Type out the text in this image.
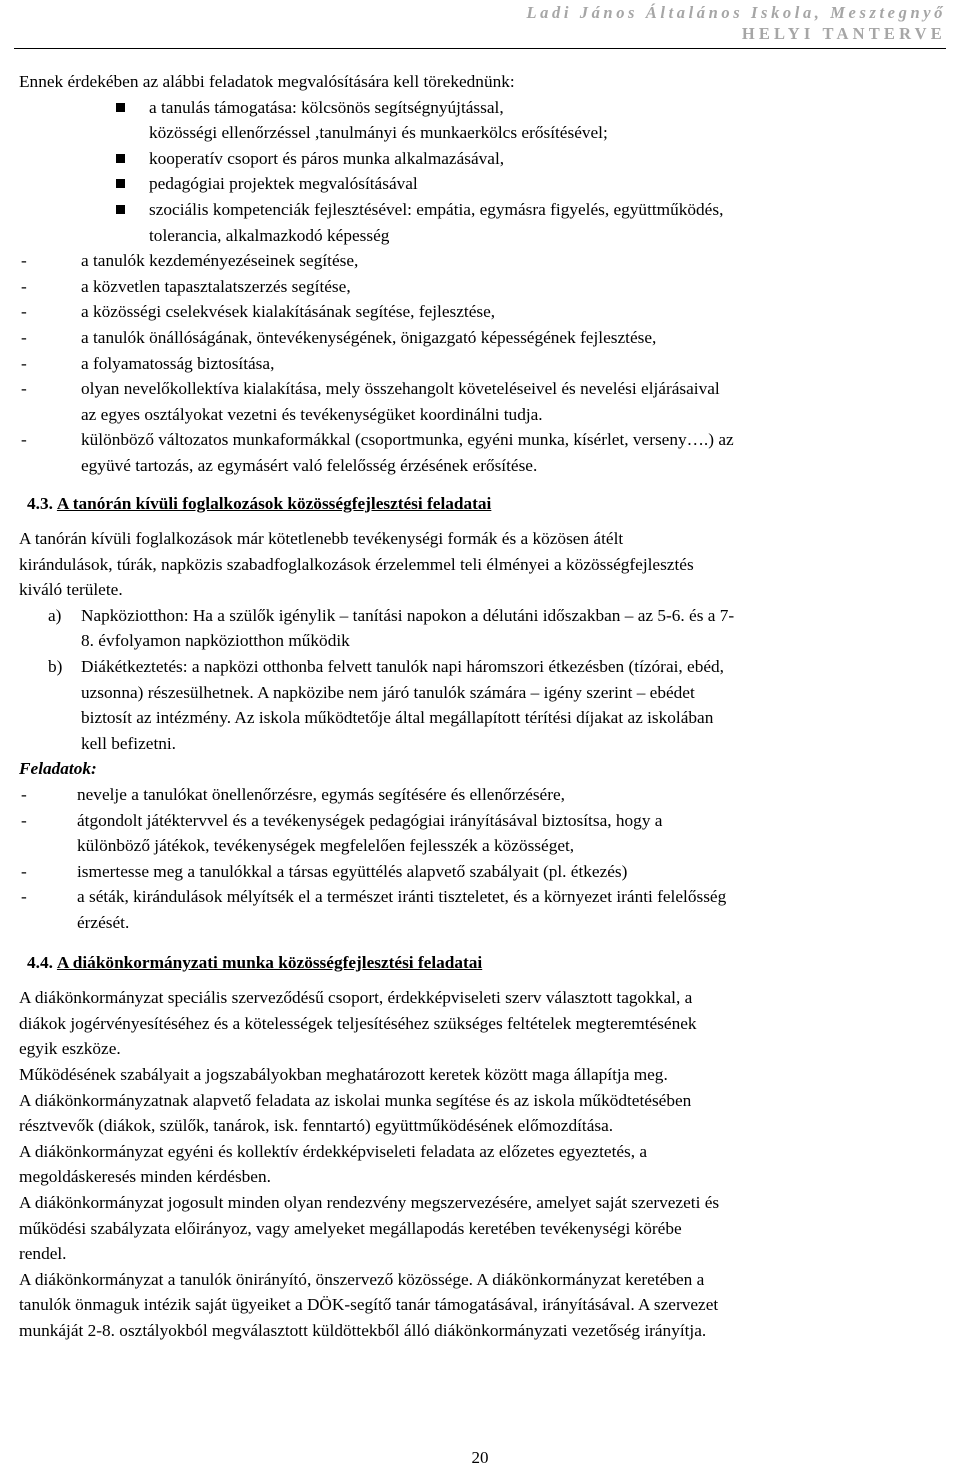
Ladi János Általános Iskola, Mesztegnyő
HELYI TANTERVE

Ennek érdekében az alábbi feladatok megvalósítására kell törekednünk:

a tanulás támogatása: kölcsönös segítségnyújtással,
közösségi ellenőrzéssel ,tanulmányi és munkaerkölcs erősítésével;
kooperatív csoport és páros munka alkalmazásával,
pedagógiai projektek megvalósításával
szociális kompetenciák fejlesztésével: empátia, egymásra figyelés, együttműködés,
tolerancia, alkalmazkodó képesség
-	a tanulók kezdeményezéseinek segítése,
-	a közvetlen tapasztalatszerzés segítése,
-	a közösségi cselekvések kialakításának segítése, fejlesztése,
-	a tanulók önállóságának, öntevékenységének, önigazgató képességének fejlesztése,
-	a folyamatosság biztosítása,
-	olyan nevelőkollektíva kialakítása, mely összehangolt követeléseivel és nevelési eljárásaival
az egyes osztályokat vezetni és tevékenységüket koordinálni tudja.
-	különböző változatos munkaformákkal (csoportmunka, egyéni munka, kísérlet, verseny….) az
együvé tartozás, az egymásért való felelősség érzésének erősítése.
4.3. A tanórán kívüli foglalkozások közösségfejlesztési feladatai
A tanórán kívüli foglalkozások már kötetlenebb tevékenységi formák és a közösen átélt
kirándulások, túrák, napközis szabadfoglalkozások érzelemmel teli élményei a közösségfejlesztés
kiváló területe.
a) Napköziotthon: Ha a szülők igénylik – tanítási napokon a délutáni időszakban – az 5-6. és a 7-
8. évfolyamon napköziotthon működik
b) Diákétkeztetés: a napközi otthonba felvett tanulók napi háromszori étkezésben (tízórai, ebéd,
uzsonna) részesülhetnek. A napközibe nem járó tanulók számára – igény szerint – ebédet
biztosít az intézmény. Az iskola működtetője által megállapított térítési díjakat az iskolában
kell befizetni.
Feladatok:
-	nevelje a tanulókat önellenőrzésre, egymás segítésére és ellenőrzésére,
-	átgondolt játéktervvel és a tevékenységek pedagógiai irányításával biztosítsa, hogy a
különböző játékok, tevékenységek megfelelően fejlesszék a közösséget,
-	ismertesse meg a tanulókkal a társas együttélés alapvető szabályait (pl. étkezés)
-	a séták, kirándulások mélyítsék el a természet iránti tiszteletet, és a környezet iránti felelősség
érzését.
4.4. A diákönkormányzati munka közösségfejlesztési feladatai
A diákönkormányzat speciális szerveződésű csoport, érdekképviseleti szerv választott tagokkal, a
diákok jogérvényesítéséhez és a kötelességek teljesítéséhez szükséges feltételek megteremtésének
egyik eszköze.
Működésének szabályait a jogszabályokban meghatározott keretek között maga állapítja meg.
A diákönkormányzatnak alapvető feladata az iskolai munka segítése és az iskola működtetésében
résztvevők (diákok, szülők, tanárok, isk. fenntartó) együttműködésének előmozdítása.
A diákönkormányzat egyéni és kollektív érdekképviseleti feladata az előzetes egyeztetés, a
megoldáskeresés minden kérdésben.
A diákönkormányzat jogosult minden olyan rendezvény megszervezésére, amelyet saját szervezeti és
működési szabályzata előirányoz, vagy amelyeket megállapodás keretében tevékenységi körébe
rendel.
A diákönkormányzat a tanulók önirányító, önszervező közössége. A diákönkormányzat keretében a
tanulók önmaguk intézik saját ügyeiket a DÖK-segítő tanár támogatásával, irányításával. A szervezet
munkáját 2-8. osztályokból megválasztott küldöttekből álló diákönkormányzati vezetőség irányítja.
20
